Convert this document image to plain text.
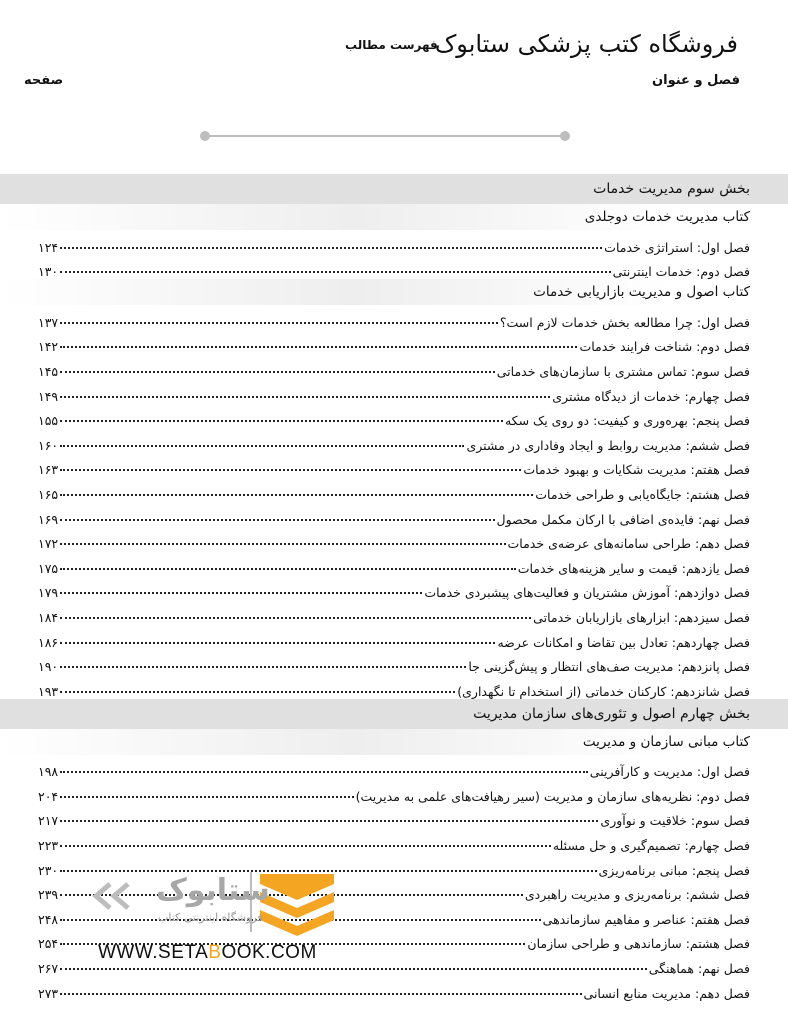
فروشگاه کتب پزشکی ستابوک
فهرست مطالب
فصل و عنوان
صفحه
بخش سوم مدیریت خدمات
کتاب مدیریت خدمات دوجلدی
فصل اول: استراتژی خدمات
۱۲۴
فصل دوم: خدمات اینترنتی
۱۳۰
کتاب اصول و مدیریت بازاریابی خدمات
فصل اول: چرا مطالعه بخش خدمات لازم است؟
۱۳۷
فصل دوم: شناخت فرایند خدمات
۱۴۲
فصل سوم: تماس مشتری با سازمان‌های خدماتی
۱۴۵
فصل چهارم: خدمات از دیدگاه مشتری
۱۴۹
فصل پنجم: بهره‌وری و کیفیت: دو روی یک سکه
۱۵۵
فصل ششم: مدیریت روابط و ایجاد وفاداری در مشتری
۱۶۰
فصل هفتم: مدیریت شکایات و بهبود خدمات
۱۶۳
فصل هشتم: جایگاه‌یابی و طراحی خدمات
۱۶۵
فصل نهم: فایده‌ی اضافی با ارکان مکمل محصول
۱۶۹
فصل دهم: طراحی سامانه‌های عرضه‌ی خدمات
۱۷۲
فصل یازدهم: قیمت و سایر هزینه‌های خدمات
۱۷۵
فصل دوازدهم: آموزش مشتریان و فعالیت‌های پیشبردی خدمات
۱۷۹
فصل سیزدهم: ابزارهای بازاریابان خدماتی
۱۸۴
فصل چهاردهم: تعادل بین تقاضا و امکانات عرضه
۱۸۶
فصل پانزدهم: مدیریت صف‌های انتظار و پیش‌گزینی جا
۱۹۰
فصل شانزدهم: کارکنان خدماتی (از استخدام تا نگهداری)
۱۹۳
بخش چهارم اصول و تئوری‌های سازمان مدیریت
کتاب مبانی سازمان و مدیریت
فصل اول: مدیریت و کارآفرینی
۱۹۸
فصل دوم: نظریه‌های سازمان و مدیریت (سیر رهیافت‌های علمی به مدیریت)
۲۰۴
فصل سوم: خلاقیت و نوآوری
۲۱۷
فصل چهارم: تصمیم‌گیری و حل مسئله
۲۲۳
فصل پنجم: مبانی برنامه‌ریزی
۲۳۰
فصل ششم: برنامه‌ریزی و مدیریت راهبردی
۲۳۹
فصل هفتم: عناصر و مفاهیم سازماندهی
۲۴۸
فصل هشتم: سازماندهی و طراحی سازمان
۲۵۴
فصل نهم: هماهنگی
۲۶۷
فصل دهم: مدیریت منابع انسانی
۲۷۳
ستابوک
فروشگاه اینترنتی کتاب
WWW.SETABOOK.COM
